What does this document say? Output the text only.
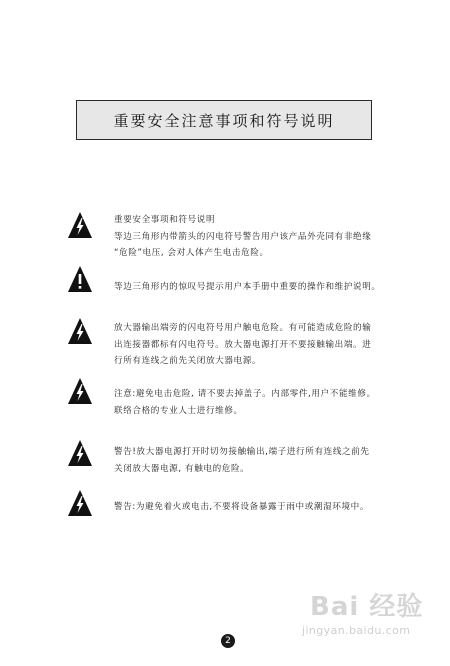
重要安全注意事项和符号说明
重要安全事项和符号说明
等边三角形内带箭头的闪电符号警告用户该产品外壳同有非绝缘
“危险”电压, 会对人体产生电击危险。
等边三角形内的惊叹号提示用户本手册中重要的操作和维护说明。
放大器输出端旁的闪电符号用户触电危险。有可能造成危险的输
出连接器都标有闪电符号。放大器电源打开不要接触输出端。进
行所有连线之前先关闭放大器电源。
注意:避免电击危险, 请不要去掉盖子。内部零件,用户不能维修。
联络合格的专业人士进行维修。
警告!放大器电源打开时切勿接触输出,端子进行所有连线之前先
关闭放大器电源, 有触电的危险。
警告:为避免着火或电击,不要将设备暴露于雨中或潮湿环境中。
Bai 经验
jingyan.baidu.com
2
